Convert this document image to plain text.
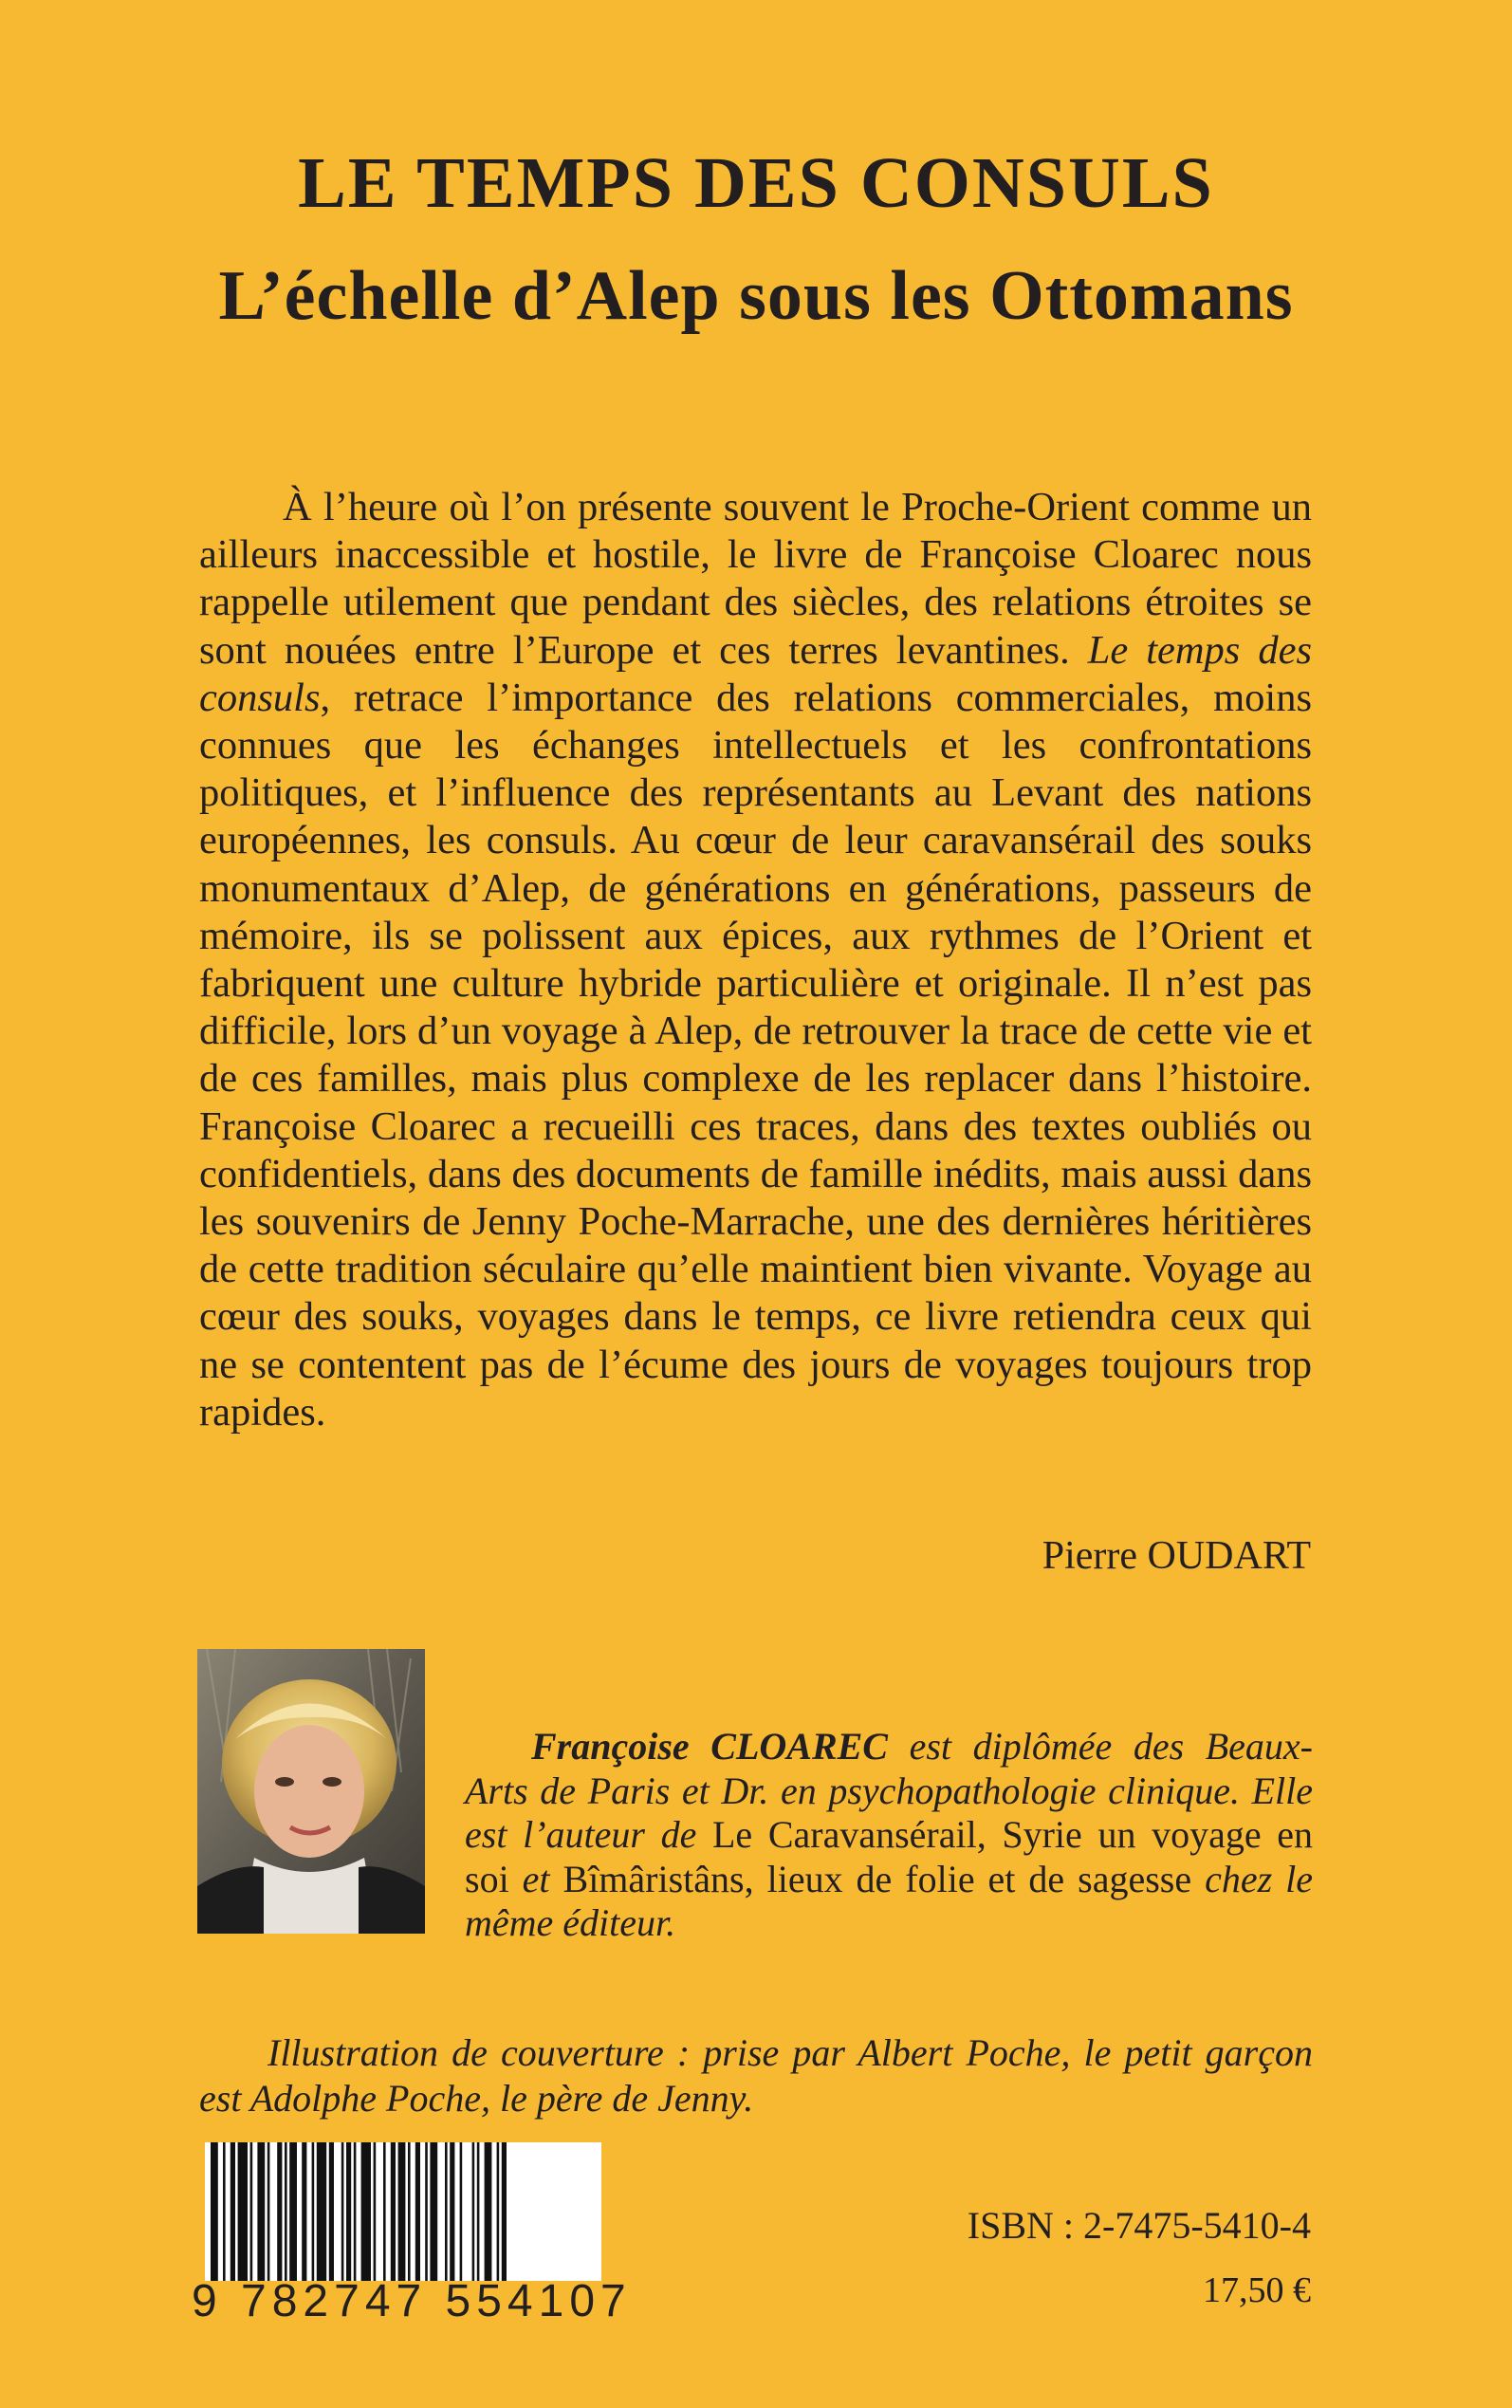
LE TEMPS DES CONSULS
L’échelle d’Alep sous les Ottomans

À l’heure où l’on présente souvent le Proche-Orient comme un ailleurs inaccessible et hostile, le livre de Françoise Cloarec nous rappelle utilement que pendant des siècles, des relations étroites se sont nouées entre l’Europe et ces terres levantines. Le temps des consuls, retrace l’importance des relations commerciales, moins connues que les échanges intellectuels et les confrontations politiques, et l’influence des représentants au Levant des nations européennes, les consuls. Au cœur de leur caravansérail des souks monumentaux d’Alep, de générations en générations, passeurs de mémoire, ils se polissent aux épices, aux rythmes de l’Orient et fabriquent une culture hybride particulière et originale. Il n’est pas difficile, lors d’un voyage à Alep, de retrouver la trace de cette vie et de ces familles, mais plus complexe de les replacer dans l’histoire. Françoise Cloarec a recueilli ces traces, dans des textes oubliés ou confidentiels, dans des documents de famille inédits, mais aussi dans les souvenirs de Jenny Poche-Marrache, une des dernières héritières de cette tradition séculaire qu’elle maintient bien vivante. Voyage au cœur des souks, voyages dans le temps, ce livre retiendra ceux qui ne se contentent pas de l’écume des jours de voyages toujours trop rapides.

Pierre OUDART

Françoise CLOAREC est diplômée des Beaux-Arts de Paris et Dr. en psychopathologie clinique. Elle est l’auteur de Le Caravansérail, Syrie un voyage en soi et Bîmâristâns, lieux de folie et de sagesse chez le même éditeur.

Illustration de couverture : prise par Albert Poche, le petit garçon est Adolphe Poche, le père de Jenny.

9 782747 554107

ISBN : 2-7475-5410-4

17,50 €
